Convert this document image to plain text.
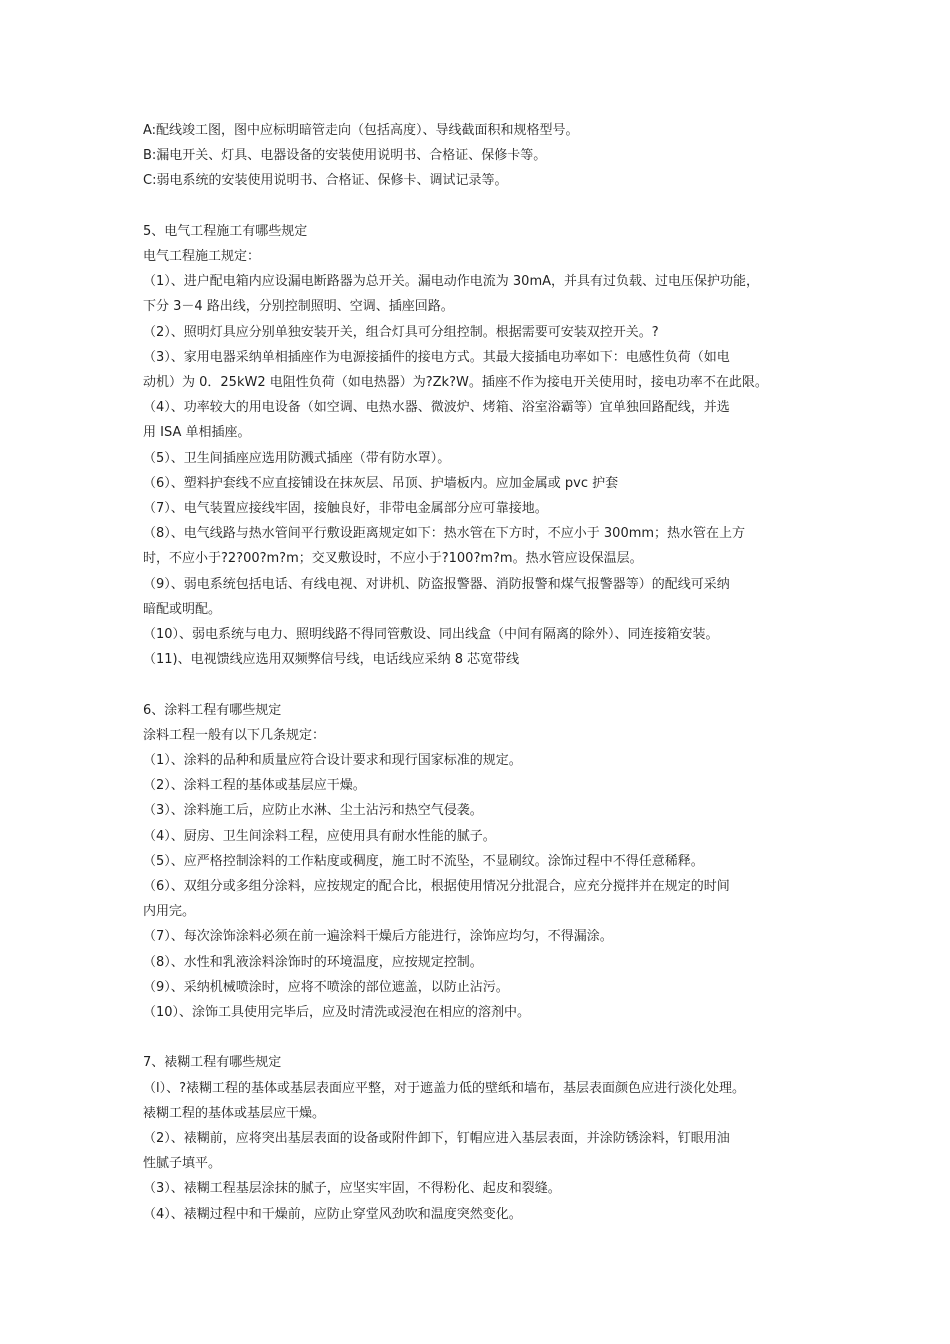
A:配线竣工图，图中应标明暗管走向（包括高度）、导线截面积和规格型号。
B:漏电开关、灯具、电器设备的安装使用说明书、合格证、保修卡等。
C:弱电系统的安装使用说明书、合格证、保修卡、调试记录等。
5、电气工程施工有哪些规定
电气工程施工规定：
（1）、进户配电箱内应设漏电断路器为总开关。漏电动作电流为 30mA，并具有过负载、过电压保护功能，
下分 3－4 路出线，分别控制照明、空调、插座回路。
（2）、照明灯具应分别单独安装开关，组合灯具可分组控制。根据需要可安装双控开关。?
（3）、家用电器采纳单相插座作为电源接插件的接电方式。其最大接插电功率如下：电感性负荷（如电
动机）为 0．25kW2 电阻性负荷（如电热器）为?Zk?W。插座不作为接电开关使用时，接电功率不在此限。
（4）、功率较大的用电设备（如空调、电热水器、微波炉、烤箱、浴室浴霸等）宜单独回路配线，并选
用 ISA 单相插座。
（5）、卫生间插座应选用防溅式插座（带有防水罩）。
（6）、塑料护套线不应直接铺设在抹灰层、吊顶、护墙板内。应加金属或 pvc 护套
（7）、电气装置应接线牢固，接触良好，非带电金属部分应可靠接地。
（8）、电气线路与热水管间平行敷设距离规定如下：热水管在下方时，不应小于 300mm；热水管在上方
时，不应小于?2?00?m?m；交叉敷设时，不应小于?100?m?m。热水管应设保温层。
（9）、弱电系统包括电话、有线电视、对讲机、防盗报警器、消防报警和煤气报警器等）的配线可采纳
暗配或明配。
（10）、弱电系统与电力、照明线路不得同管敷设、同出线盒（中间有隔离的除外）、同连接箱安装。
（11)、电视馈线应选用双频弊信号线，电话线应采纳 8 芯宽带线
6、涂料工程有哪些规定
涂料工程一般有以下几条规定：
（1）、涂料的品种和质量应符合设计要求和现行国家标准的规定。
（2）、涂料工程的基体或基层应干燥。
（3）、涂料施工后，应防止水淋、尘土沾污和热空气侵袭。
（4）、厨房、卫生间涂料工程，应使用具有耐水性能的腻子。
（5）、应严格控制涂料的工作粘度或稠度，施工时不流坠，不显刷纹。涂饰过程中不得任意稀释。
（6）、双组分或多组分涂料，应按规定的配合比，根据使用情况分批混合，应充分搅拌并在规定的时间
内用完。
（7）、每次涂饰涂料必须在前一遍涂料干燥后方能进行，涂饰应均匀，不得漏涂。
（8）、水性和乳液涂料涂饰时的环境温度，应按规定控制。
（9）、采纳机械喷涂时，应将不喷涂的部位遮盖，以防止沾污。
（10）、涂饰工具使用完毕后，应及时清洗或浸泡在相应的溶剂中。
7、裱糊工程有哪些规定
（l）、?裱糊工程的基体或基层表面应平整，对于遮盖力低的壁纸和墙布，基层表面颜色应进行淡化处理。
裱糊工程的基体或基层应干燥。
（2）、裱糊前，应将突出基层表面的设备或附件卸下，钉帽应进入基层表面，并涂防锈涂料，钉眼用油
性腻子填平。
（3）、裱糊工程基层涂抹的腻子，应坚实牢固，不得粉化、起皮和裂缝。
（4）、裱糊过程中和干燥前，应防止穿堂风劲吹和温度突然变化。
